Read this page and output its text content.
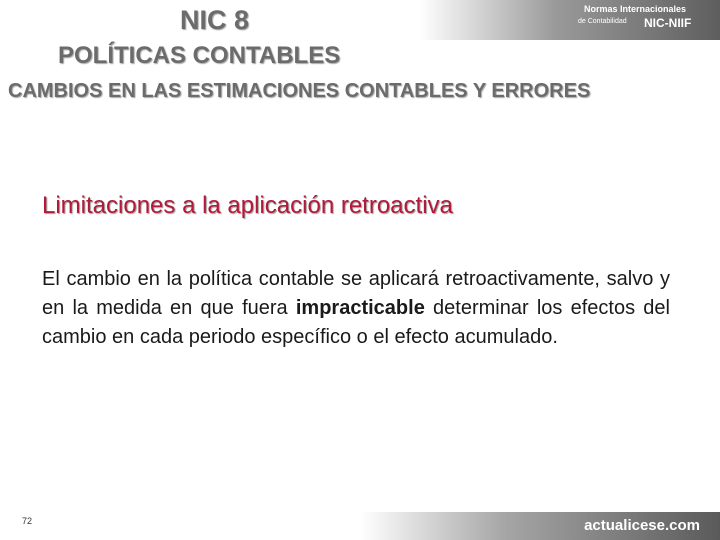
Normas Internacionales
de Contabilidad NIC-NIIF
NIC 8
POLÍTICAS CONTABLES
CAMBIOS EN LAS ESTIMACIONES CONTABLES Y ERRORES
Limitaciones a la aplicación retroactiva
El cambio en la política contable se aplicará retroactivamente, salvo y en la medida en que fuera impracticable determinar los efectos del cambio en cada periodo específico o el efecto acumulado.
72	actualicese.com
